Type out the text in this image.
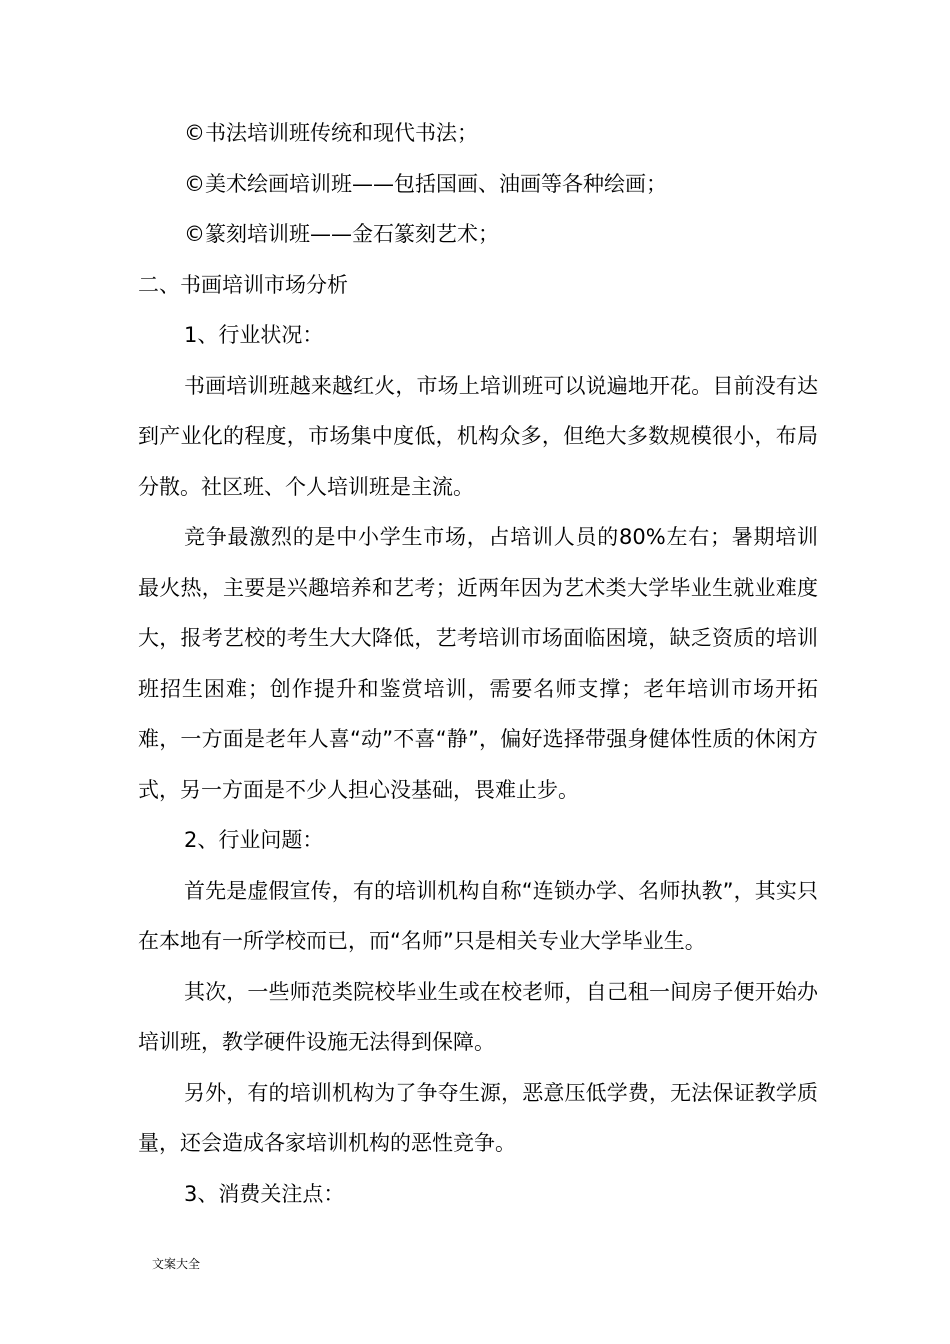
©书法培训班传统和现代书法；

©美术绘画培训班——包括国画、油画等各种绘画；

©篆刻培训班——金石篆刻艺术；

二、书画培训市场分析

1、行业状况：

书画培训班越来越红火，市场上培训班可以说遍地开花。目前没有达到产业化的程度，市场集中度低，机构众多，但绝大多数规模很小，布局分散。社区班、个人培训班是主流。

竞争最激烈的是中小学生市场，占培训人员的80%左右；暑期培训最火热，主要是兴趣培养和艺考；近两年因为艺术类大学毕业生就业难度大，报考艺校的考生大大降低，艺考培训市场面临困境，缺乏资质的培训班招生困难；创作提升和鉴赏培训，需要名师支撑；老年培训市场开拓难，一方面是老年人喜“动”不喜“静”，偏好选择带强身健体性质的休闲方式，另一方面是不少人担心没基础，畏难止步。

2、行业问题：

首先是虚假宣传，有的培训机构自称“连锁办学、名师执教”，其实只在本地有一所学校而已，而“名师”只是相关专业大学毕业生。

其次，一些师范类院校毕业生或在校老师，自己租一间房子便开始办培训班，教学硬件设施无法得到保障。

另外，有的培训机构为了争夺生源，恶意压低学费，无法保证教学质量，还会造成各家培训机构的恶性竞争。

3、消费关注点：

文案大全
